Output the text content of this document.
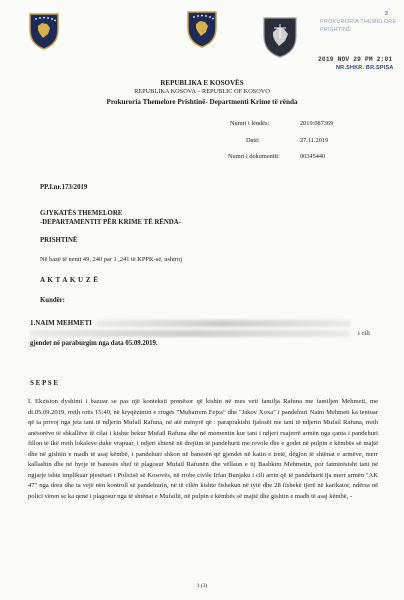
3
PROKURORIA THEMELORE
PRISHTINË
2019 NOV 29 PM 2:01
NR.SHKR. BR.SPISA
REPUBLIKA E KOSOVËS
REPUBLIKA KOSOVA – REPUBLIC OF KOSOVO
Prokuroria Themelore Prishtinë- Departmenti Krime të rënda
Numri i lëndës:	2019:087369
Datë:	27.11.2019
Numri i dokumentit:	00345440
PP.I.nr.173/2019
GJYKATËS THEMELORE
-DEPARTAMENTIT PËR KRIME TË RËNDA-
PRISHTINË
Në bazë të nenit 49, 240 par 1 ,241 të KPPK-së, ushtroj
A K T A K U Z Ë
Kundër:
1.NAIM MEHMETI
i cili
gjendet në paraburgim nga data 05.09.2019.
S E P S E

I. Ekziston dyshimi i bazuar se pas një konteksti pronësor që kishin në mes veti familja Rafuna me familjen Mehmeti, me dt.05.09.2019, rreth orës 15:40, në kryqëzimin e rrugës "Muharrem Fejza" dhe "Jakov Xoxa" i pandehuri Naim Mehmeti ka tentuar që ta privoj nga jeta tani të ndjerin Mufail Rafuna, në atë mënyrë që : paraprakisht fjalosët me tani të ndjerin Mufail Rafuna, rreth anësorëve të shkallëve të cilat i kishte hekur Mufail Rafuna dhe në momentin kur tani i ndjeri ruajerrë armën nga çanta i pandehuri fillon të ikë rreth lokaleve duke vrapuar, i ndjeri shtenë në drejtim të pandehurit me revole dhe e godet në pulpin e këmbës së majtë dhe në gishtin e madh të asaj këmbë, i pandehuri shkon në banesën që gjendet në katin e tretë, dëgjon të shtënat e armëve, merr kallashin dhe në hyrje të banesës shef të plagosur Mufail Rafunën dhe vëllaun e tij Bashkim Mehmetin, por fatmirësisht tani në ngjarje ishte implikuar pjesëtari i Policisë së Kosovës, në rrobe civile Irfan Bunjaku i cili arrin që të pandehurit tja merr armën "AK 47" nga dora dhe ta vejë nën kontroll së pandehurin, në të cilën kishte fishekun në tytë dhe 28 fishekë tjerë në karikator, ndërsa në polici vëren se ka qenë i plagosur nga të shtënat e Mufailit, në pulpin e këmbës së majtë dhe gishtin e madh të asaj këmbë, -

1 (3)
